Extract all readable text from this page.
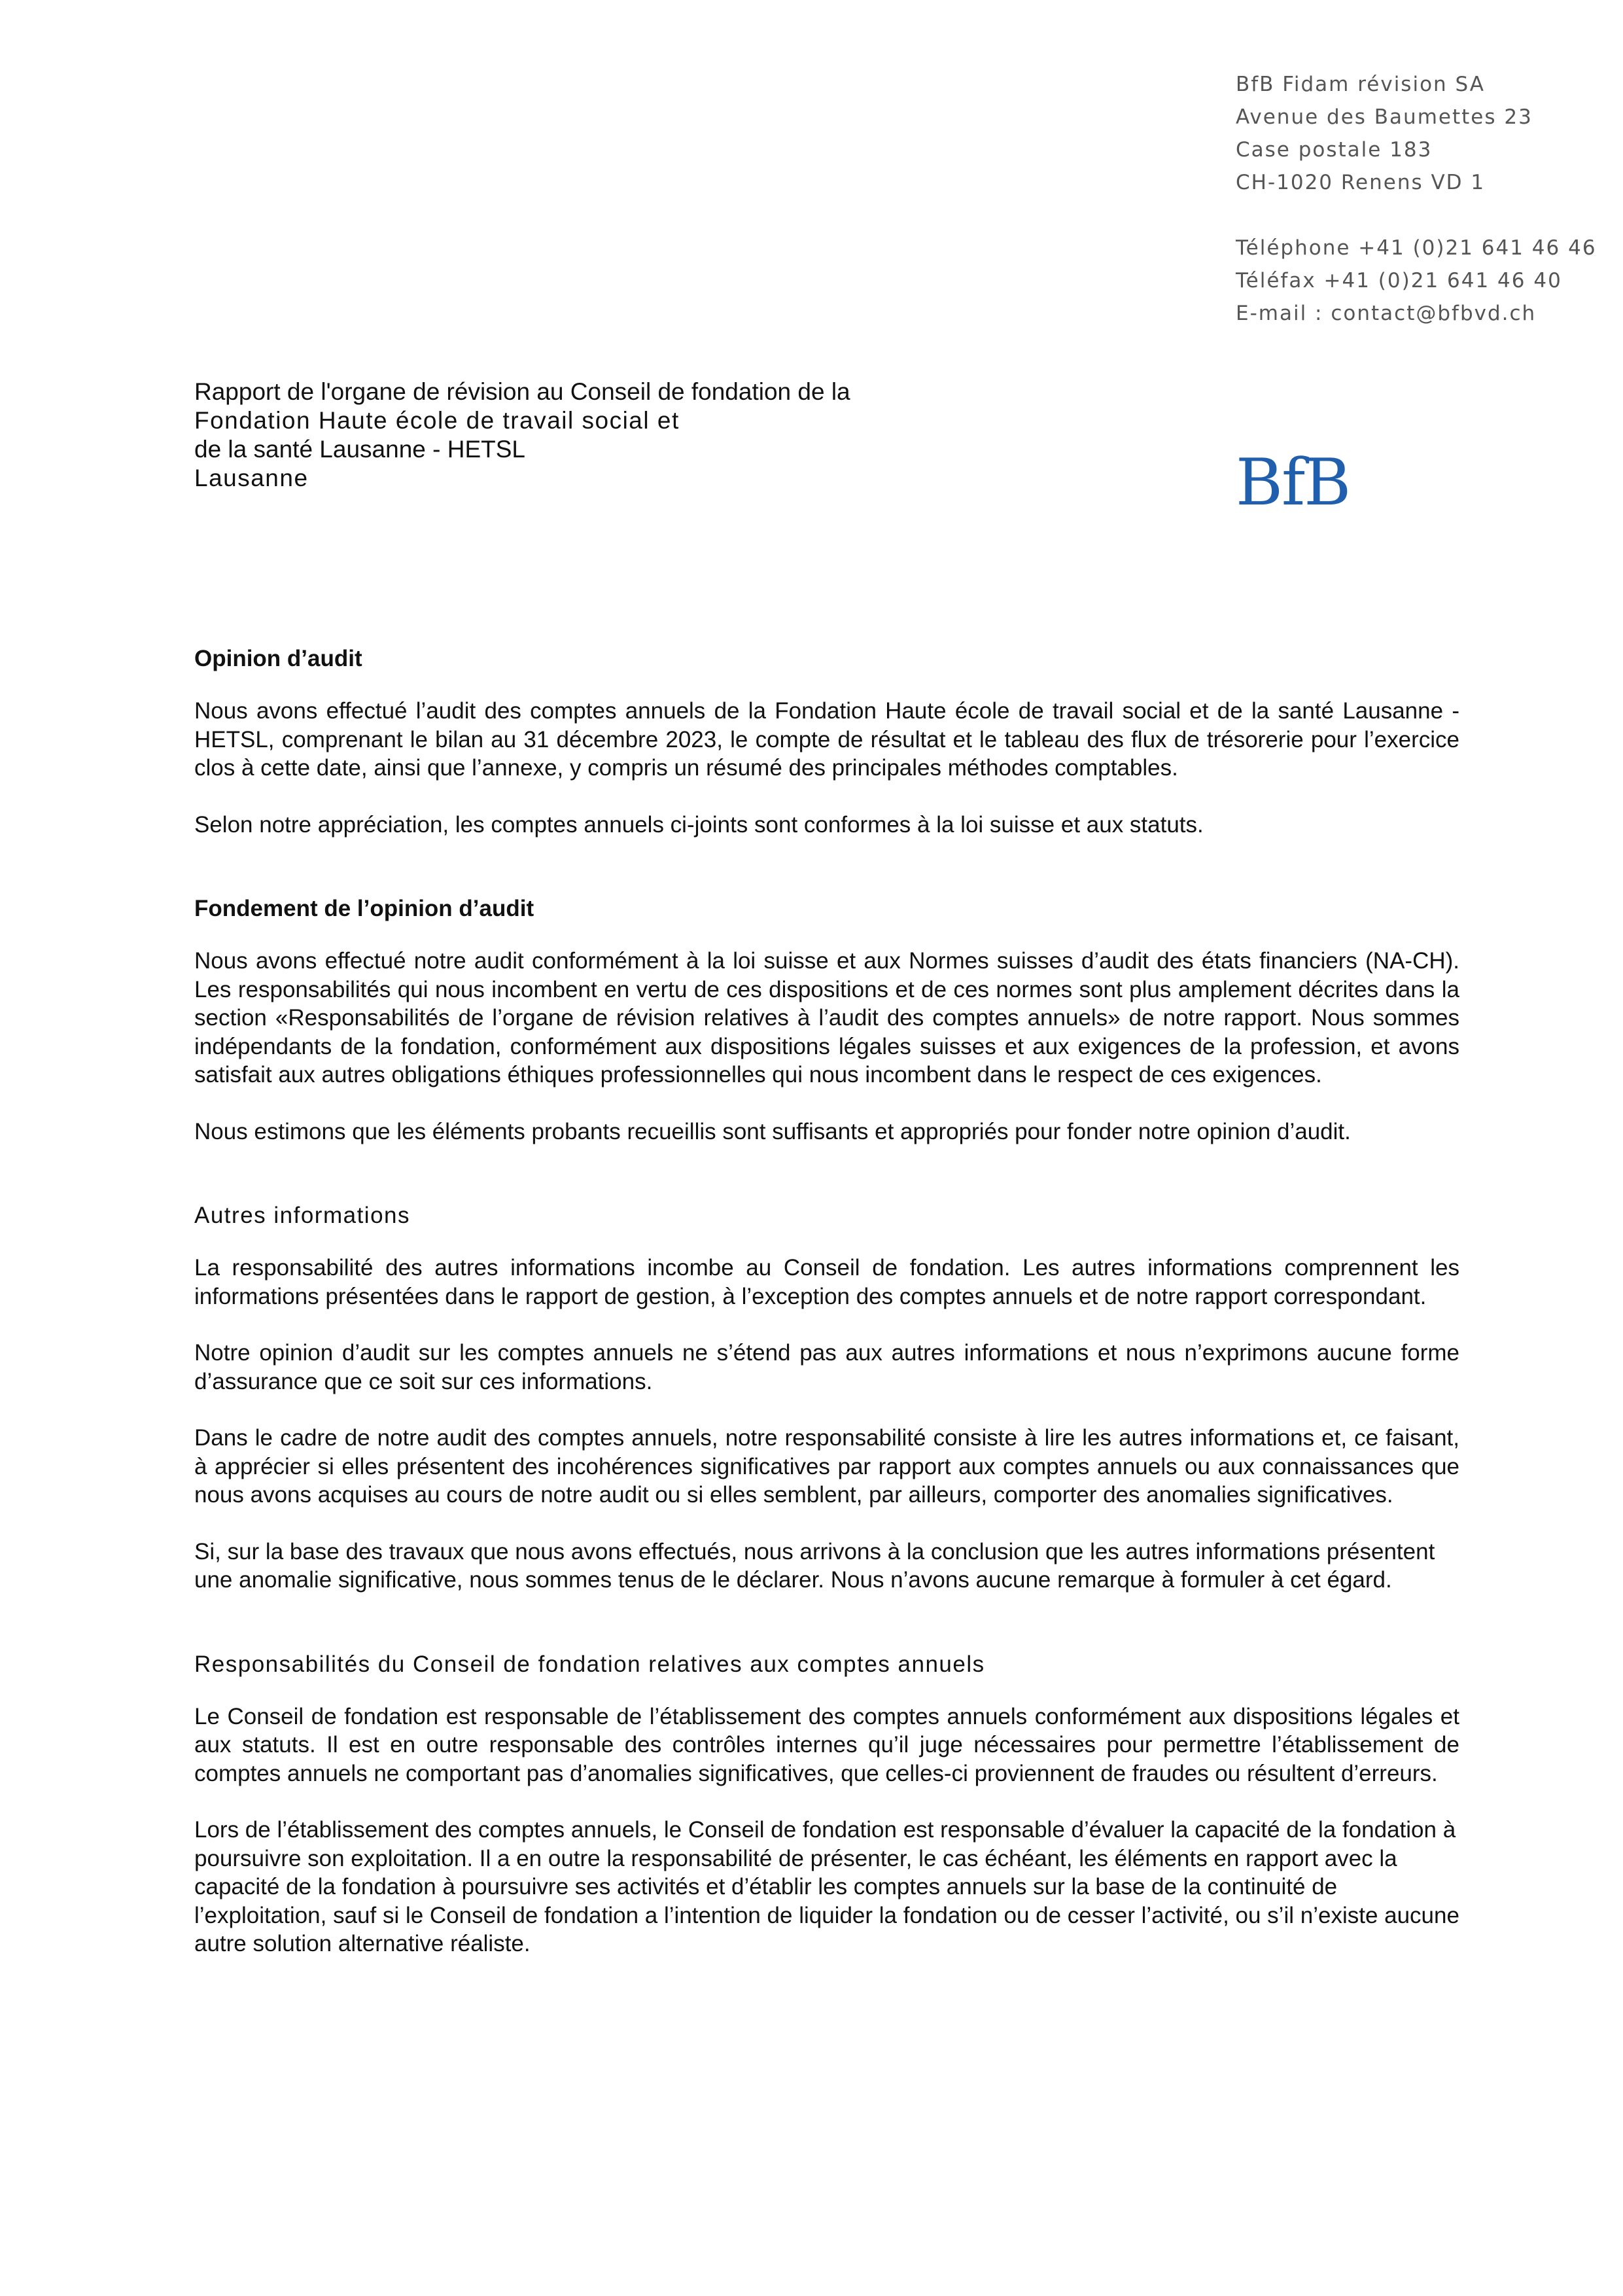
BfB Fidam révision SA
Avenue des Baumettes 23
Case postale 183
CH-1020 Renens VD 1
Téléphone +41 (0)21 641 46 46
Téléfax +41 (0)21 641 46 40
E-mail : contact@bfbvd.ch
Rapport de l'organe de révision au Conseil de fondation de la
Fondation Haute école de travail social et
de la santé Lausanne - HETSL
Lausanne	BfB
Opinion d’audit

Nous avons effectué l’audit des comptes annuels de la Fondation Haute école de travail social et de la santé Lausanne - HETSL, comprenant le bilan au 31 décembre 2023, le compte de résultat et le tableau des flux de trésorerie pour l’exercice clos à cette date, ainsi que l’annexe, y compris un résumé des principales méthodes comptables.

Selon notre appréciation, les comptes annuels ci-joints sont conformes à la loi suisse et aux statuts.

Fondement de l’opinion d’audit

Nous avons effectué notre audit conformément à la loi suisse et aux Normes suisses d’audit des états financiers (NA-CH). Les responsabilités qui nous incombent en vertu de ces dispositions et de ces normes sont plus amplement décrites dans la section «Responsabilités de l’organe de révision relatives à l’audit des comptes annuels» de notre rapport. Nous sommes indépendants de la fondation, conformément aux dispositions légales suisses et aux exigences de la profession, et avons satisfait aux autres obligations éthiques professionnelles qui nous incombent dans le respect de ces exigences.

Nous estimons que les éléments probants recueillis sont suffisants et appropriés pour fonder notre opinion d’audit.

Autres informations

La responsabilité des autres informations incombe au Conseil de fondation. Les autres informations comprennent les informations présentées dans le rapport de gestion, à l’exception des comptes annuels et de notre rapport correspondant.

Notre opinion d’audit sur les comptes annuels ne s’étend pas aux autres informations et nous n’exprimons aucune forme d’assurance que ce soit sur ces informations.

Dans le cadre de notre audit des comptes annuels, notre responsabilité consiste à lire les autres informations et, ce faisant, à apprécier si elles présentent des incohérences significatives par rapport aux comptes annuels ou aux connaissances que nous avons acquises au cours de notre audit ou si elles semblent, par ailleurs, comporter des anomalies significatives.

Si, sur la base des travaux que nous avons effectués, nous arrivons à la conclusion que les autres informations présentent une anomalie significative, nous sommes tenus de le déclarer. Nous n’avons aucune remarque à formuler à cet égard.

Responsabilités du Conseil de fondation relatives aux comptes annuels

Le Conseil de fondation est responsable de l’établissement des comptes annuels conformément aux dispositions légales et aux statuts. Il est en outre responsable des contrôles internes qu’il juge nécessaires pour permettre l’établissement de comptes annuels ne comportant pas d’anomalies significatives, que celles-ci proviennent de fraudes ou résultent d’erreurs.

Lors de l’établissement des comptes annuels, le Conseil de fondation est responsable d’évaluer la capacité de la fondation à poursuivre son exploitation. Il a en outre la responsabilité de présenter, le cas échéant, les éléments en rapport avec la capacité de la fondation à poursuivre ses activités et d’établir les comptes annuels sur la base de la continuité de l’exploitation, sauf si le Conseil de fondation a l’intention de liquider la fondation ou de cesser l’activité, ou s’il n’existe aucune autre solution alternative réaliste.
